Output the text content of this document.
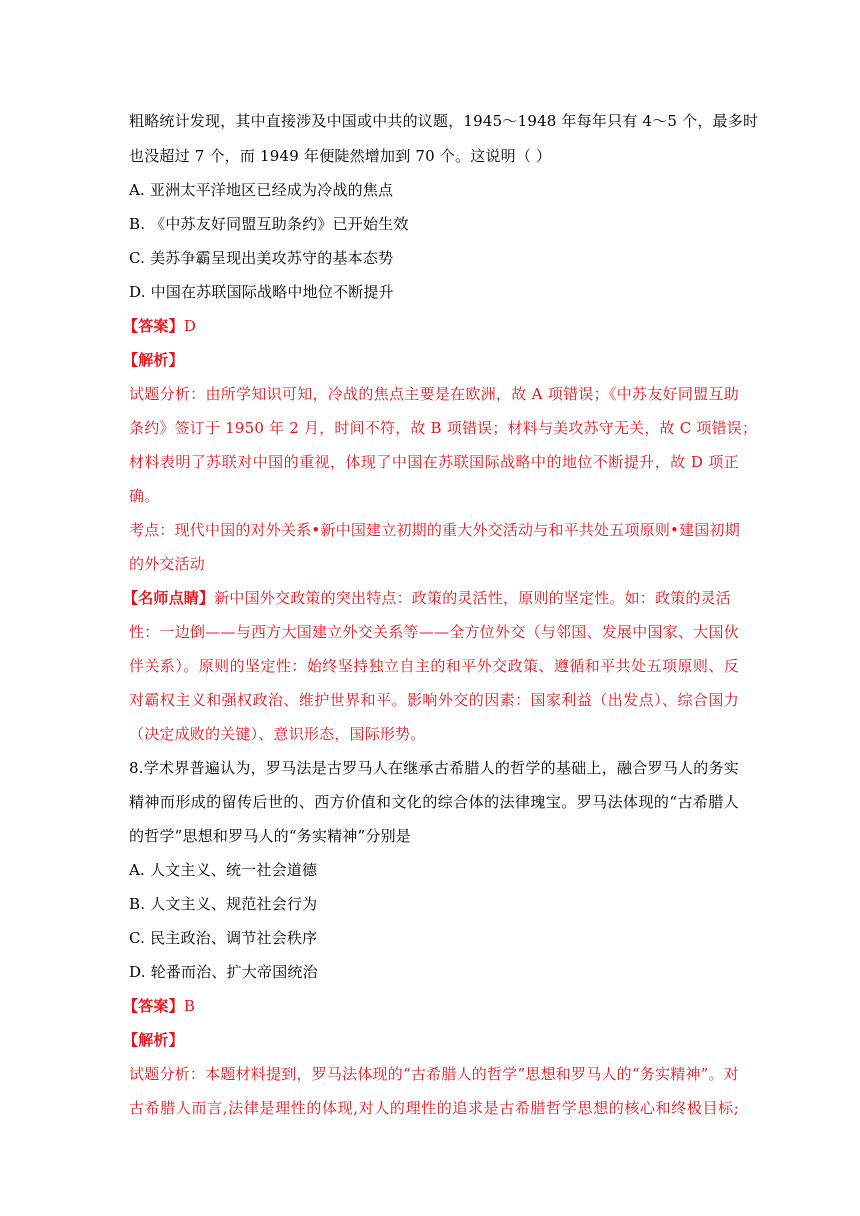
粗略统计发现，其中直接涉及中国或中共的议题，1945～1948 年每年只有 4～5 个，最多时
也没超过 7 个，而 1949 年便陡然增加到 70 个。这说明（ ）
A. 亚洲太平洋地区已经成为冷战的焦点
B. 《中苏友好同盟互助条约》已开始生效
C. 美苏争霸呈现出美攻苏守的基本态势
D. 中国在苏联国际战略中地位不断提升
【答案】D
【解析】
试题分析：由所学知识可知，冷战的焦点主要是在欧洲，故 A 项错误；《中苏友好同盟互助
条约》签订于 1950 年 2 月，时间不符，故 B 项错误；材料与美攻苏守无关，故 C 项错误；
材料表明了苏联对中国的重视，体现了中国在苏联国际战略中的地位不断提升，故 D 项正
确。
考点：现代中国的对外关系•新中国建立初期的重大外交活动与和平共处五项原则•建国初期
的外交活动
【名师点睛】新中国外交政策的突出特点：政策的灵活性，原则的坚定性。如：政策的灵活
性：一边倒——与西方大国建立外交关系等——全方位外交（与邻国、发展中国家、大国伙
伴关系）。原则的坚定性：始终坚持独立自主的和平外交政策、遵循和平共处五项原则、反
对霸权主义和强权政治、维护世界和平。影响外交的因素：国家利益（出发点）、综合国力
（决定成败的关键）、意识形态，国际形势。
8.学术界普遍认为，罗马法是古罗马人在继承古希腊人的哲学的基础上，融合罗马人的务实
精神而形成的留传后世的、西方价值和文化的综合体的法律瑰宝。罗马法体现的“古希腊人
的哲学”思想和罗马人的“务实精神”分别是
A. 人文主义、统一社会道德
B. 人文主义、规范社会行为
C. 民主政治、调节社会秩序
D. 轮番而治、扩大帝国统治
【答案】B
【解析】
试题分析：本题材料提到，罗马法体现的“古希腊人的哲学”思想和罗马人的“务实精神”。对
古希腊人而言,法律是理性的体现,对人的理性的追求是古希腊哲学思想的核心和终极目标;
